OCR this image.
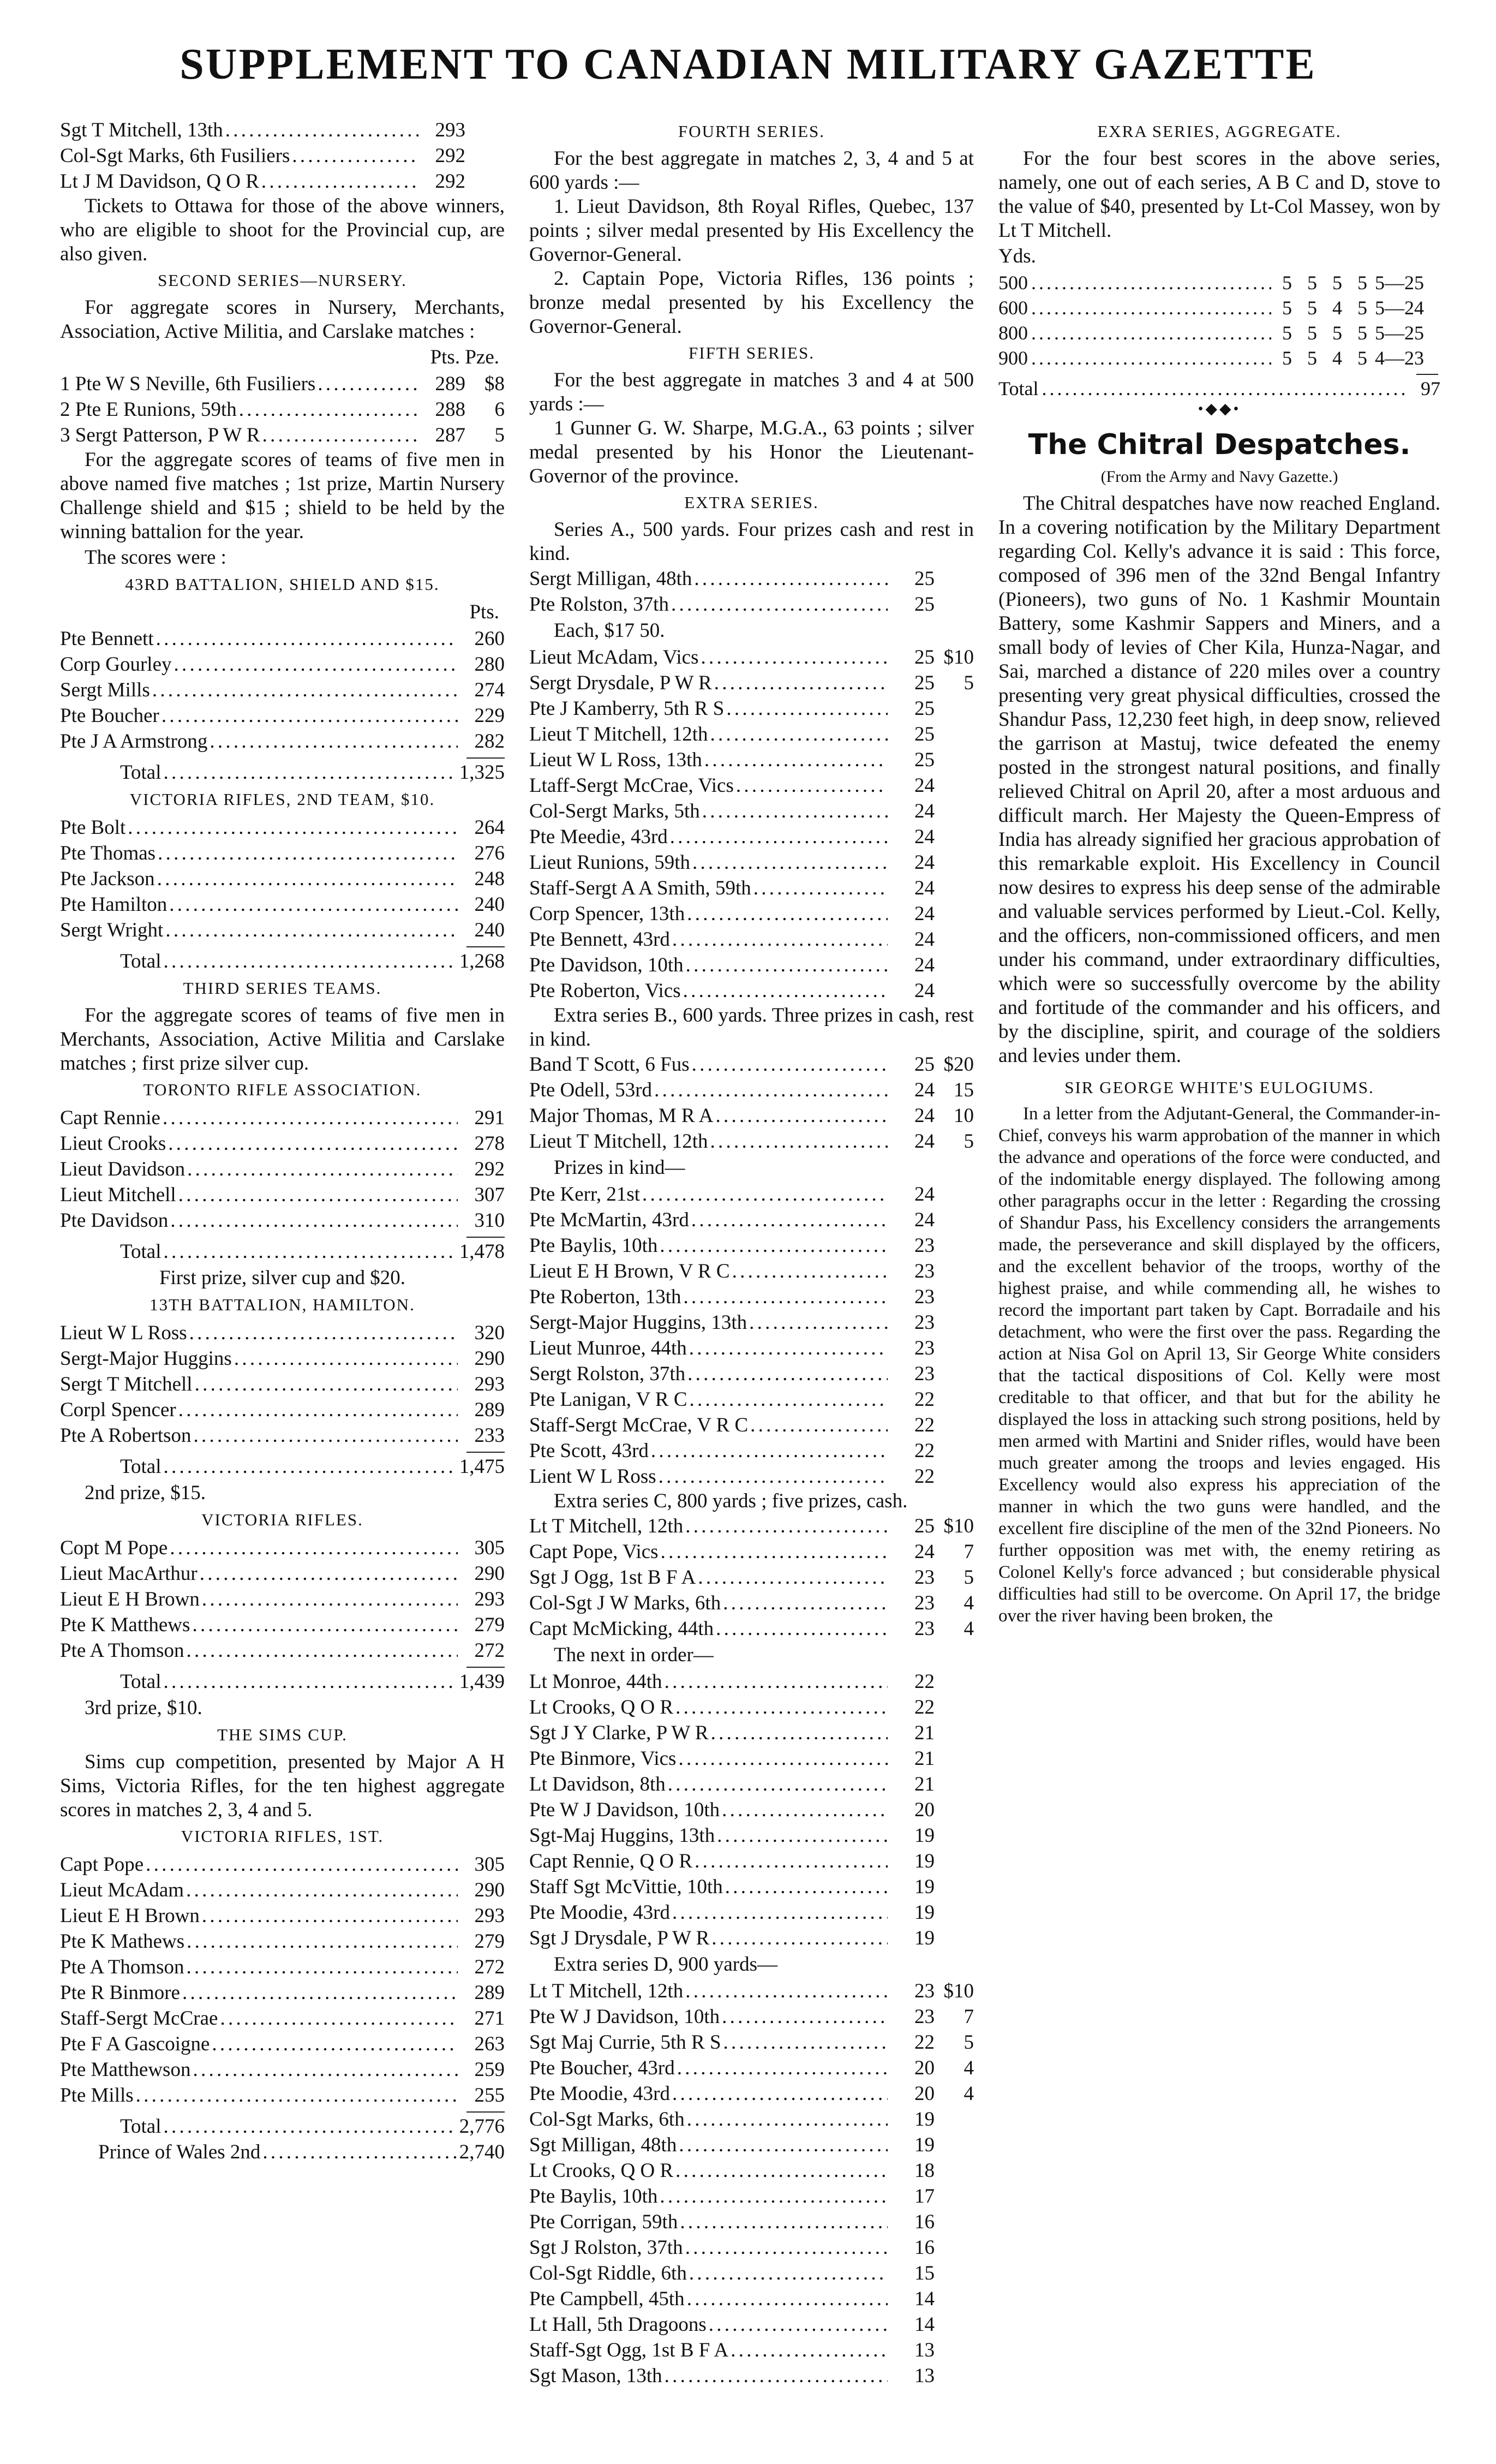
SUPPLEMENT TO CANADIAN MILITARY GAZETTE
Sgt T Mitchell, 13th . . .	293
Col-Sgt Marks, 6th Fusiliers . . .	292
Lt J M Davidson, Q O R . . .	292

Tickets to Ottawa for those of the above winners, who are eligible to shoot for the Provincial cup, are also given.

SECOND SERIES—NURSERY.

For aggregate scores in Nursery, Merchants, Association, Active Militia, and Carslake matches :

Pts. Pze.
1 Pte W S Neville, 6th Fusiliers . . .	289 $8
2 Pte E Runions, 59th . . .	288	6
3 Sergt Patterson, P W R . . .	287	5

For the aggregate scores of teams of five men in above named five matches ; 1st prize, Martin Nursery Challenge shield and $15 ; shield to be held by the winning battalion for the year.

The scores were :
43RD BATTALION, SHIELD AND $15.
Pts.
Pte Bennett . . .	260
Corp Gourley . . .	280
Sergt Mills . . .	274
Pte Boucher . . .	229
Pte J A Armstrong . . .	282
Total . . .	1,325
VICTORIA RIFLES, 2ND TEAM, $10.
Pte Bolt . . .	264
Pte Thomas . . .	276
Pte Jackson . . .	248
Pte Hamilton . . .	240
Sergt Wright . . .	240
Total . . .	1,268
THIRD SERIES TEAMS.

For the aggregate scores of teams of five men in Merchants, Association, Active Militia and Carslake matches ; first prize silver cup.

TORONTO RIFLE ASSOCIATION.
Capt Rennie . . .	291
Lieut Crooks . . .	278
Lieut Davidson . . .	292
Lieut Mitchell . . .	307
Pte Davidson . . .	310
Total . . .	1,478
First prize, silver cup and $20.
13TH BATTALION, HAMILTON.
Lieut W L Ross . . .	320
Sergt-Major Huggins . . .	290
Sergt T Mitchell . . .	293
Corpl Spencer . . .	289
Pte A Robertson . . .	233
Total . . .	1,475
2nd prize, $15.
VICTORIA RIFLES.
Copt M Pope . . .	305
Lieut MacArthur . . .	290
Lieut E H Brown . . .	293
Pte K Matthews . . .	279
Pte A Thomson . . .	272
Total . . .	1,439
3rd prize, $10.
THE SIMS CUP.

Sims cup competition, presented by Major A H Sims, Victoria Rifles, for the ten highest aggregate scores in matches 2, 3, 4 and 5.

VICTORIA RIFLES, 1ST.
Capt Pope . . .	305
Lieut McAdam . . .	290
Lieut E H Brown . . .	293
Pte K Mathews . . .	279
Pte A Thomson . . .	272
Pte R Binmore . . .	289
Staff-Sergt McCrae . . .	271
Pte F A Gascoigne . . .	263
Pte Matthewson . . .	259
Pte Mills . . .	255
Total . . .	2,776
Prince of Wales 2nd . . .	2,740
FOURTH SERIES.

For the best aggregate in matches 2, 3, 4 and 5 at 600 yards :—

1. Lieut Davidson, 8th Royal Rifles, Quebec, 137 points ; silver medal presented by His Excellency the Governor-General.

2. Captain Pope, Victoria Rifles, 136 points ; bronze medal presented by his Excellency the Governor-General.

FIFTH SERIES.

For the best aggregate in matches 3 and 4 at 500 yards :—

1 Gunner G. W. Sharpe, M.G.A., 63 points ; silver medal presented by his Honor the Lieutenant-Governor of the province.

EXTRA SERIES.

Series A., 500 yards. Four prizes cash and rest in kind.

Sergt Milligan, 48th . . .	25
Pte Rolston, 37th . . .	25
Each, $17 50.
Lieut McAdam, Vics . . .	25 $10
Sergt Drysdale, P W R . . .	25	5
Pte J Kamberry, 5th R S . . .	25
Lieut T Mitchell, 12th . . .	25
Lieut W L Ross, 13th . . .	25
Ltaff-Sergt McCrae, Vics . . .	24
Col-Sergt Marks, 5th . . .	24
Pte Meedie, 43rd . . .	24
Lieut Runions, 59th . . .	24
Staff-Sergt A A Smith, 59th . . .	24
Corp Spencer, 13th . . .	24
Pte Bennett, 43rd . . .	24
Pte Davidson, 10th . . .	24
Pte Roberton, Vics . . .	24

Extra series B., 600 yards. Three prizes in cash, rest in kind.

Band T Scott, 6 Fus . . .	25 $20
Pte Odell, 53rd . . .	24 15
Major Thomas, M R A . . .	24 10
Lieut T Mitchell, 12th . . .	24	5
Prizes in kind—
Pte Kerr, 21st . . .	24
Pte McMartin, 43rd . . .	24
Pte Baylis, 10th . . .	23
Lieut E H Brown, V R C . . .	23
Pte Roberton, 13th . . .	23
Sergt-Major Huggins, 13th . . .	23
Lieut Munroe, 44th . . .	23
Sergt Rolston, 37th . . .	23
Pte Lanigan, V R C . . .	22
Staff-Sergt McCrae, V R C . . .	22
Pte Scott, 43rd . . .	22
Lient W L Ross . . .	22

Extra series C, 800 yards ; five prizes, cash.

Lt T Mitchell, 12th . . .	25 $10
Capt Pope, Vics . . .	24	7
Sgt J Ogg, 1st B F A . . .	23	5
Col-Sgt J W Marks, 6th . . .	23	4
Capt McMicking, 44th . . .	23	4
The next in order—
Lt Monroe, 44th . . .	22
Lt Crooks, Q O R . . .	22
Sgt J Y Clarke, P W R . . .	21
Pte Binmore, Vics . . .	21
Lt Davidson, 8th . . .	21
Pte W J Davidson, 10th . . .	20
Sgt-Maj Huggins, 13th . . .	19
Capt Rennie, Q O R . . .	19
Staff Sgt McVittie, 10th . . .	19
Pte Moodie, 43rd . . .	19
Sgt J Drysdale, P W R . . .	19
Extra series D, 900 yards—
Lt T Mitchell, 12th . . .	23 $10
Pte W J Davidson, 10th . . .	23	7
Sgt Maj Currie, 5th R S . . .	22	5
Pte Boucher, 43rd . . .	20	4
Pte Moodie, 43rd . . .	20	4
Col-Sgt Marks, 6th . . .	19
Sgt Milligan, 48th . . .	19
Lt Crooks, Q O R . . .	18
Pte Baylis, 10th . . .	17
Pte Corrigan, 59th . . .	16
Sgt J Rolston, 37th . . .	16
Col-Sgt Riddle, 6th . . .	15
Pte Campbell, 45th . . .	14
Lt Hall, 5th Dragoons . . .	14
Staff-Sgt Ogg, 1st B F A . . .	13
Sgt Mason, 13th . . .	13
EXRA SERIES, AGGREGATE.

For the four best scores in the above series, namely, one out of each series, A B C and D, stove to the value of $40, presented by Lt-Col Massey, won by Lt T Mitchell.

Yds.
500 . . .	5 5 5 5 5—25
600 . . .	5 5 4 5 5—24
800 . . .	5 5 5 5 5—25
900 . . .	5 5 4 5 4—23
Total . . .	97
•◆◆•
The Chitral Despatches.
(From the Army and Navy Gazette.)

The Chitral despatches have now reached England. In a covering notification by the Military Department regarding Col. Kelly's advance it is said : This force, composed of 396 men of the 32nd Bengal Infantry (Pioneers), two guns of No. 1 Kashmir Mountain Battery, some Kashmir Sappers and Miners, and a small body of levies of Cher Kila, Hunza-Nagar, and Sai, marched a distance of 220 miles over a country presenting very great physical difficulties, crossed the Shandur Pass, 12,230 feet high, in deep snow, relieved the garrison at Mastuj, twice defeated the enemy posted in the strongest natural positions, and finally relieved Chitral on April 20, after a most arduous and difficult march. Her Majesty the Queen-Empress of India has already signified her gracious approbation of this remarkable exploit. His Excellency in Council now desires to express his deep sense of the admirable and valuable services performed by Lieut.-Col. Kelly, and the officers, non-commissioned officers, and men under his command, under extraordinary difficulties, which were so successfully overcome by the ability and fortitude of the commander and his officers, and by the discipline, spirit, and courage of the soldiers and levies under them.

SIR GEORGE WHITE'S EULOGIUMS.

In a letter from the Adjutant-General, the Commander-in-Chief, conveys his warm approbation of the manner in which the advance and operations of the force were conducted, and of the indomitable energy displayed. The following among other paragraphs occur in the letter : Regarding the crossing of Shandur Pass, his Excellency considers the arrangements made, the perseverance and skill displayed by the officers, and the excellent behavior of the troops, worthy of the highest praise, and while commending all, he wishes to record the important part taken by Capt. Borradaile and his detachment, who were the first over the pass. Regarding the action at Nisa Gol on April 13, Sir George White considers that the tactical dispositions of Col. Kelly were most creditable to that officer, and that but for the ability he displayed the loss in attacking such strong positions, held by men armed with Martini and Snider rifles, would have been much greater among the troops and levies engaged. His Excellency would also express his appreciation of the manner in which the two guns were handled, and the excellent fire discipline of the men of the 32nd Pioneers. No further opposition was met with, the enemy retiring as Colonel Kelly's force advanced ; but considerable physical difficulties had still to be overcome. On April 17, the bridge over the river having been broken, the
